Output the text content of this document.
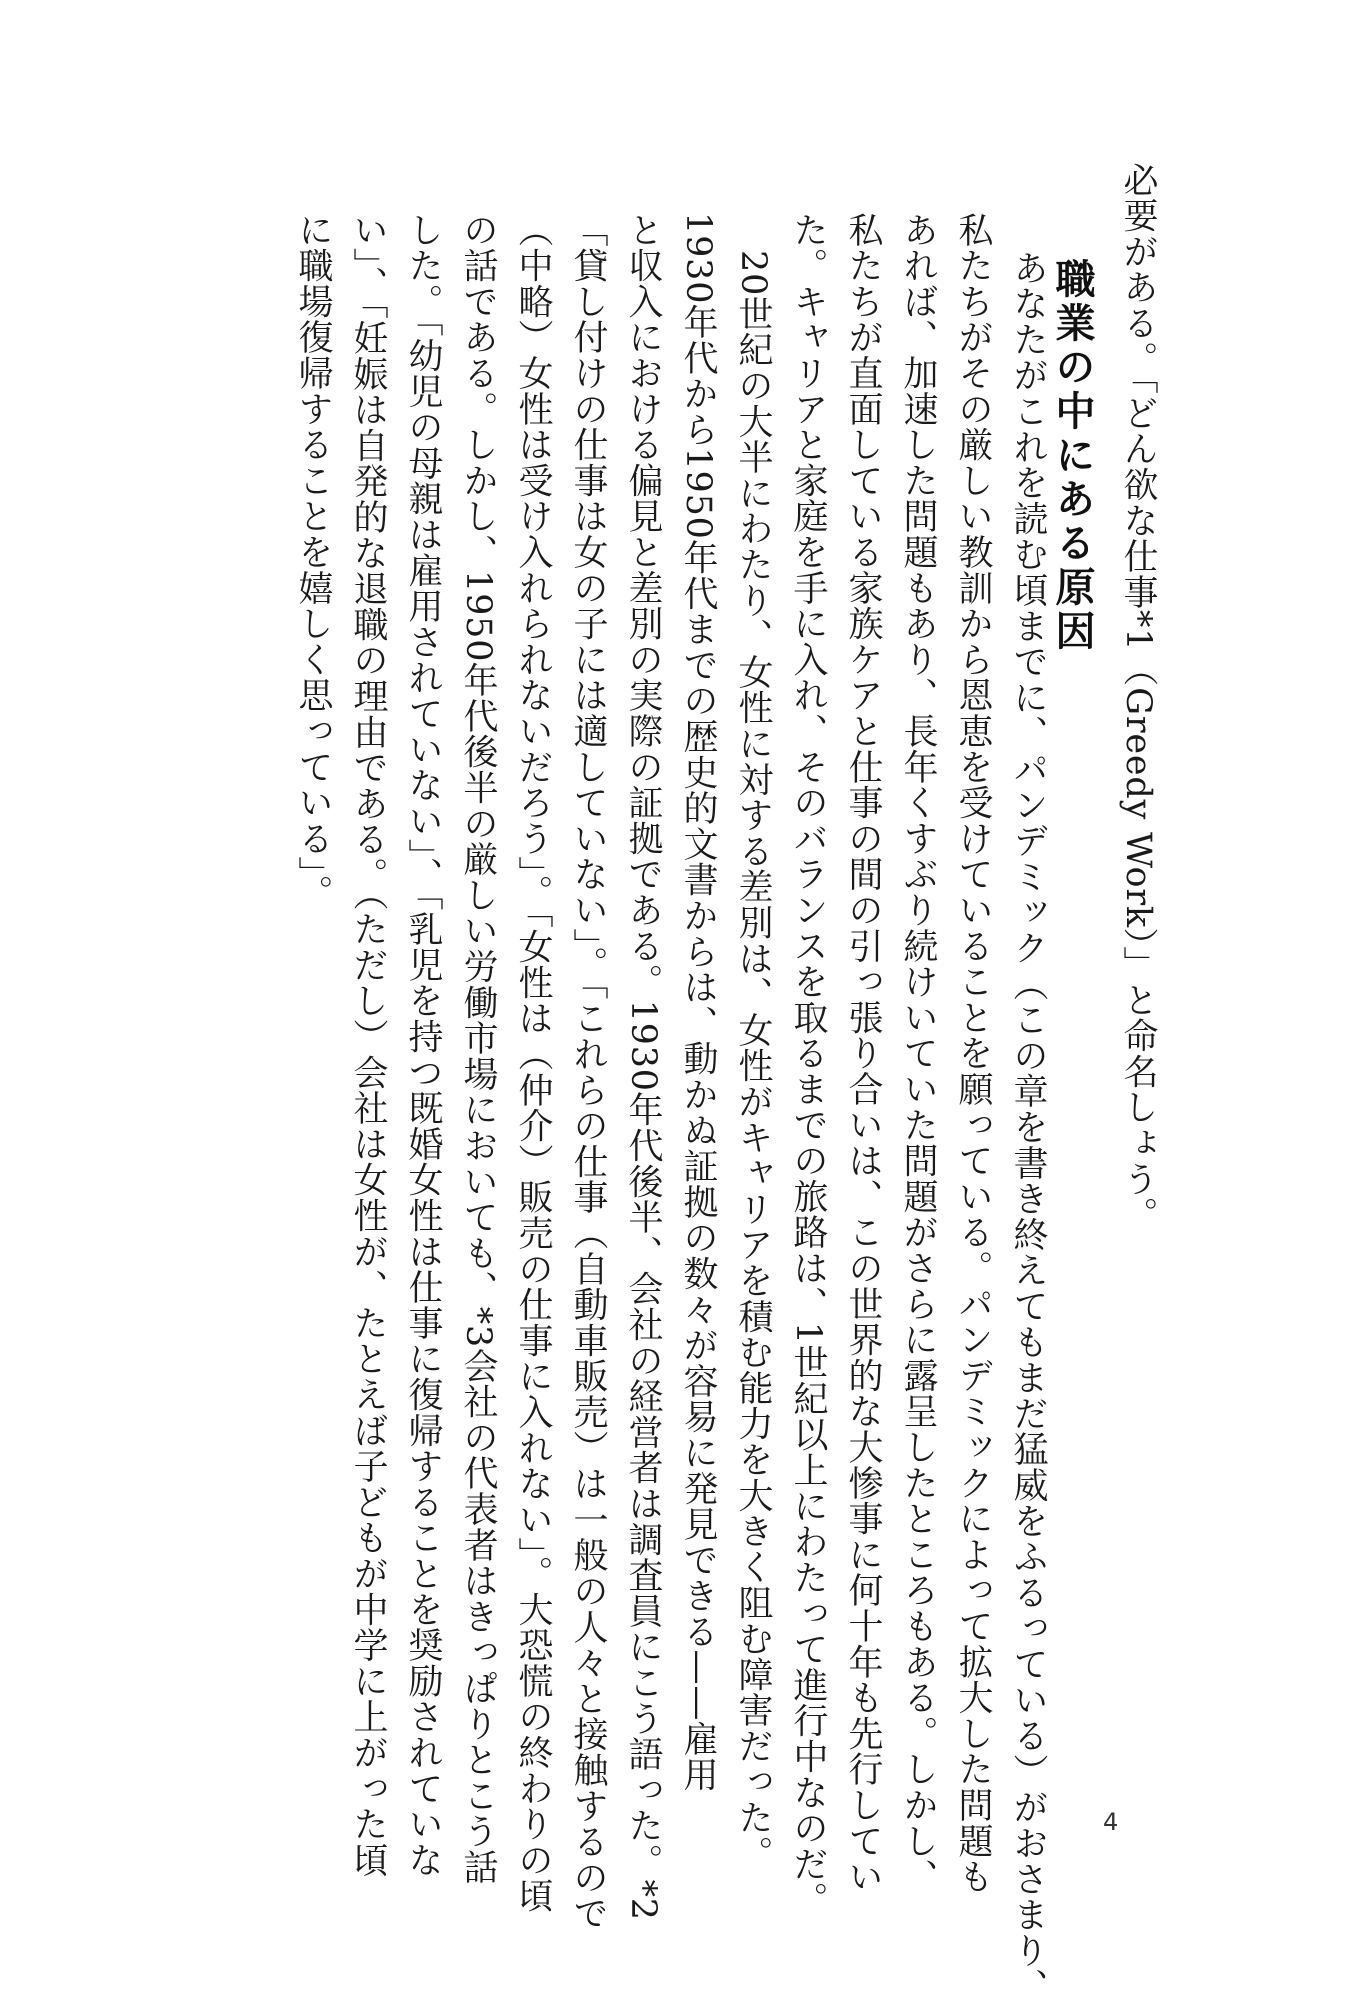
必要がある。「どん欲な仕事*1（Greedy Work）」と命名しょう。
あなたがこれを読む頃までに、パンデミック（この章を書き終えてもまだ猛威をふるっている）がおさまり、
私たちがその厳しい教訓から恩恵を受けていることを願っている。パンデミックによって拡大した問題も
あれば、加速した問題もあり、長年くすぶり続けいていた問題がさらに露呈したところもある。しかし、
私たちが直面している家族ケアと仕事の間の引っ張り合いは、この世界的な大惨事に何十年も先行してい
た。キャリアと家庭を手に入れ、そのバランスを取るまでの旅路は、1世紀以上にわたって進行中なのだ。
20世紀の大半にわたり、女性に対する差別は、女性がキャリアを積む能力を大きく阻む障害だった。
1930年代から1950年代までの歴史的文書からは、動かぬ証拠の数々が容易に発見できる——雇用
と収入における偏見と差別の実際の証拠である。1930年代後半、会社の経営者は調査員にこう語った。*2
「貸し付けの仕事は女の子には適していない」。「これらの仕事（自動車販売）は一般の人々と接触するので
（中略）女性は受け入れられないだろう」。「女性は（仲介）販売の仕事に入れない」。大恐慌の終わりの頃
の話である。しかし、1950年代後半の厳しい労働市場においても、*3会社の代表者はきっぱりとこう話
した。「幼児の母親は雇用されていない」、「乳児を持つ既婚女性は仕事に復帰することを奨励されていな
い」、「妊娠は自発的な退職の理由である。（ただし）会社は女性が、たとえば子どもが中学に上がった頃
に職場復帰することを嬉しく思っている」。	職業の中にある原因
4
